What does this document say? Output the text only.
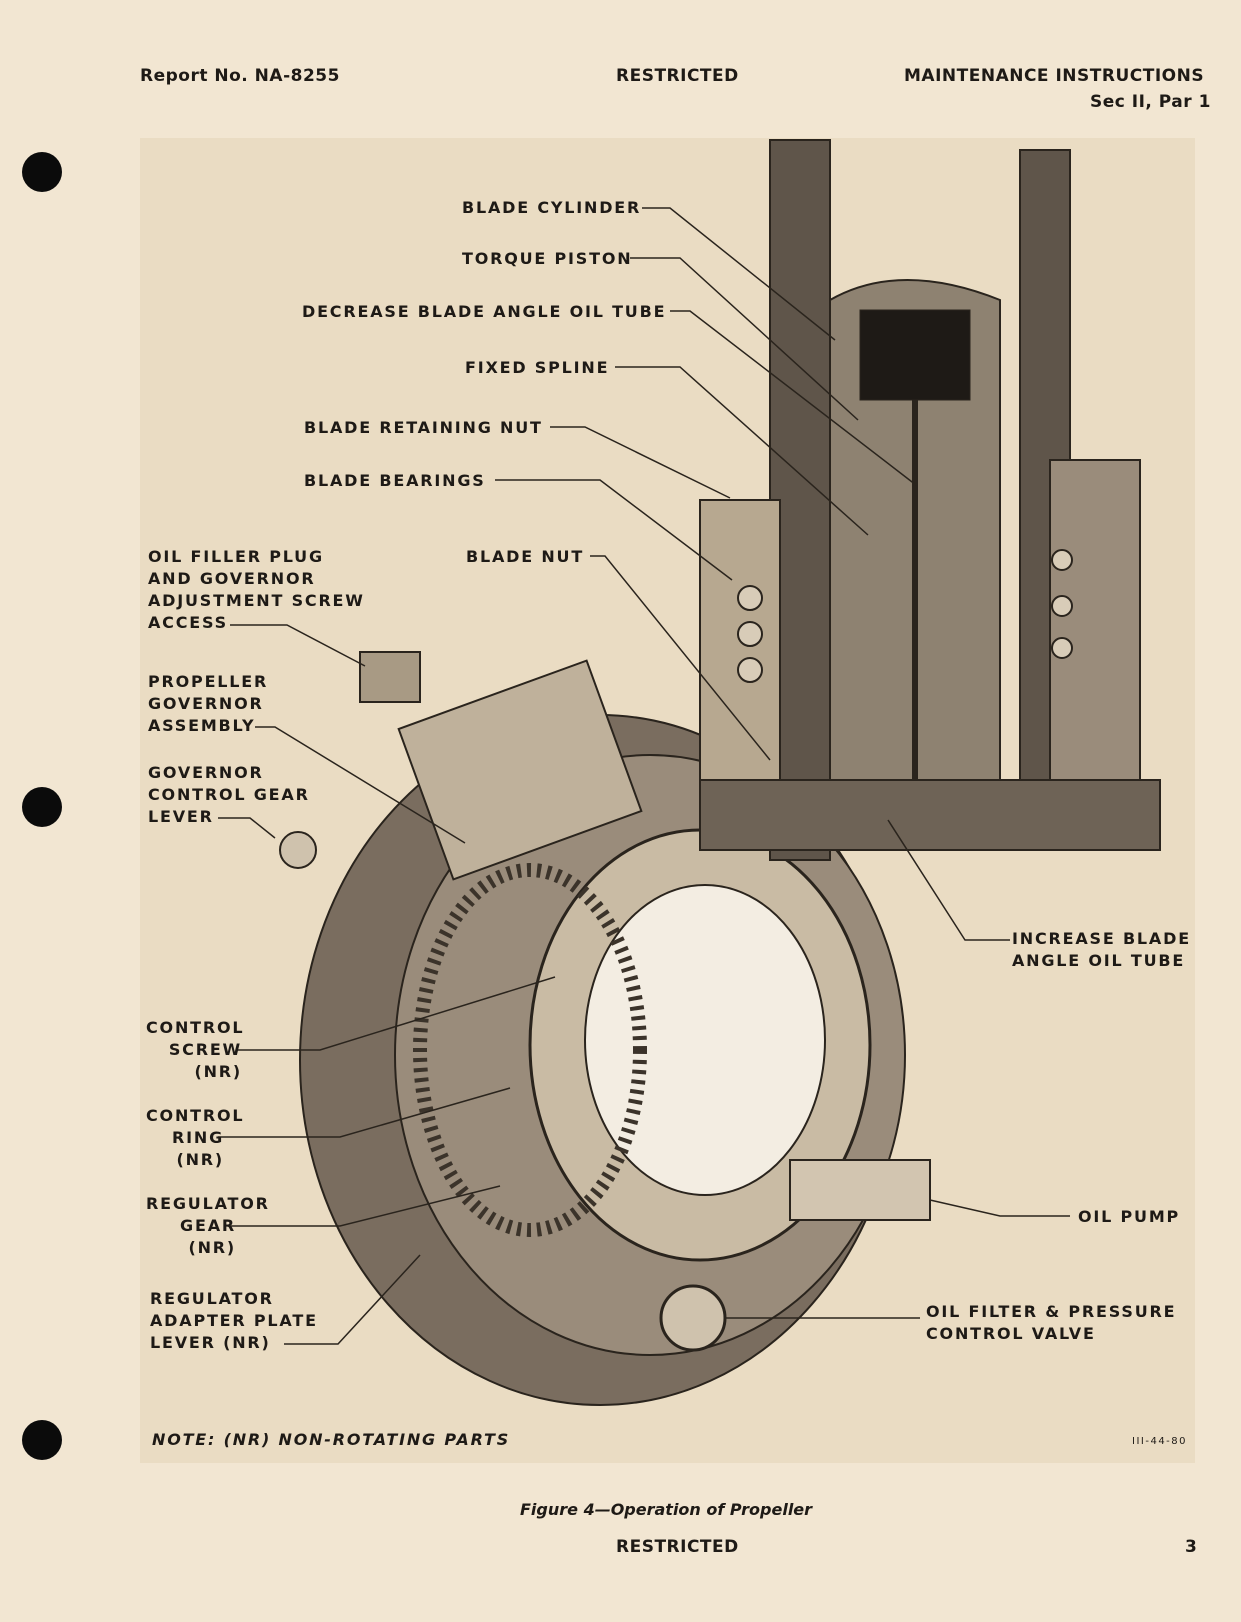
Report No. NA-8255	RESTRICTED	MAINTENANCE INSTRUCTIONS
Sec II, Par 1
BLADE CYLINDER
TORQUE PISTON
DECREASE BLADE ANGLE OIL TUBE
FIXED SPLINE
BLADE RETAINING NUT
BLADE BEARINGS
OIL FILLER PLUG
AND GOVERNOR
ADJUSTMENT SCREW
ACCESS
BLADE NUT
PROPELLER
GOVERNOR
ASSEMBLY
GOVERNOR
CONTROL GEAR
LEVER
INCREASE BLADE
ANGLE OIL TUBE
CONTROL
SCREW
(NR)
CONTROL
RING
(NR)
REGULATOR
GEAR
(NR)
REGULATOR
ADAPTER PLATE
LEVER (NR)
OIL PUMP
OIL FILTER & PRESSURE
CONTROL VALVE
NOTE: (NR) NON-ROTATING PARTS	III-44-80
Figure 4—Operation of Propeller
RESTRICTED	3
